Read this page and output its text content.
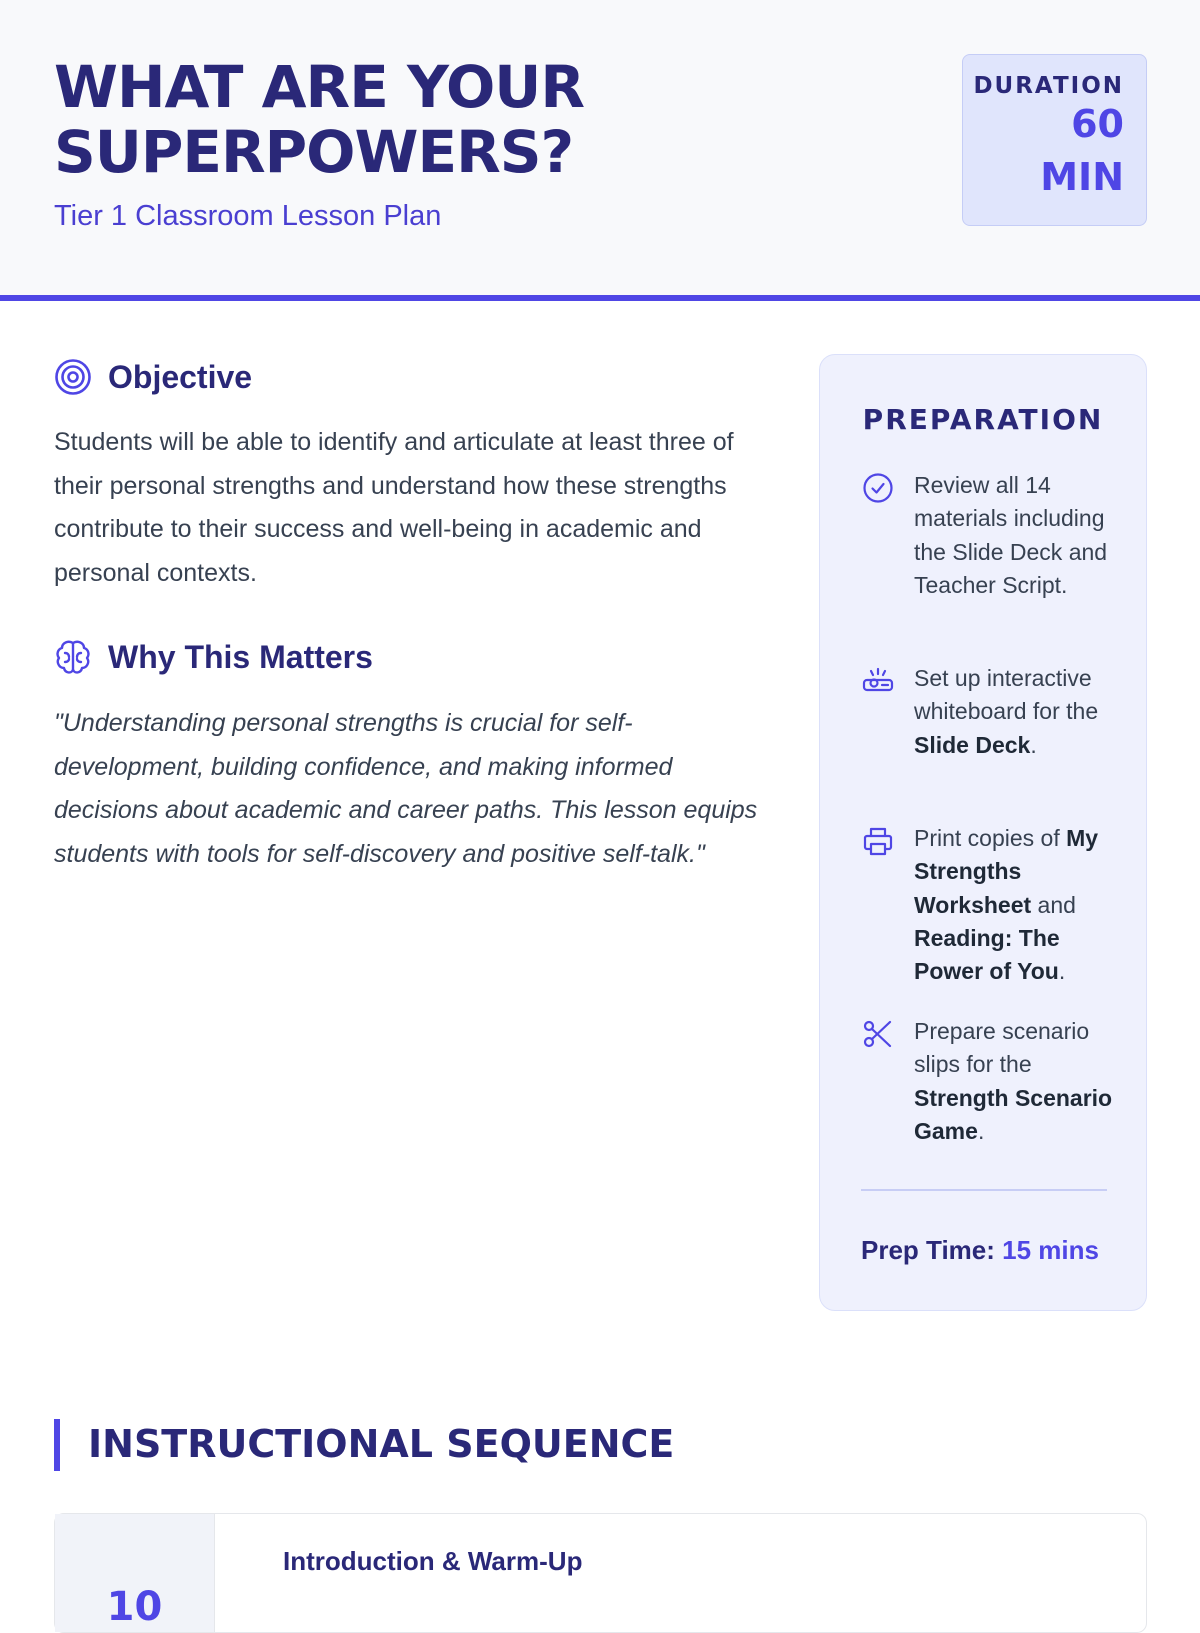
WHAT ARE YOUR SUPERPOWERS?
Tier 1 Classroom Lesson Plan
DURATION
60
MIN
Objective

Students will be able to identify and articulate at least three of their personal strengths and understand how these strengths contribute to their success and well-being in academic and personal contexts.

Why This Matters

"Understanding personal strengths is crucial for self-development, building confidence, and making informed decisions about academic and career paths. This lesson equips students with tools for self-discovery and positive self-talk."

PREPARATION
Review all 14 materials including the Slide Deck and Teacher Script.
Set up interactive whiteboard for the Slide Deck.
Print copies of My Strengths Worksheet and Reading: The Power of You.
Prepare scenario slips for the Strength Scenario Game.
Prep Time: 15 mins
INSTRUCTIONAL SEQUENCE
10
Introduction & Warm-Up
